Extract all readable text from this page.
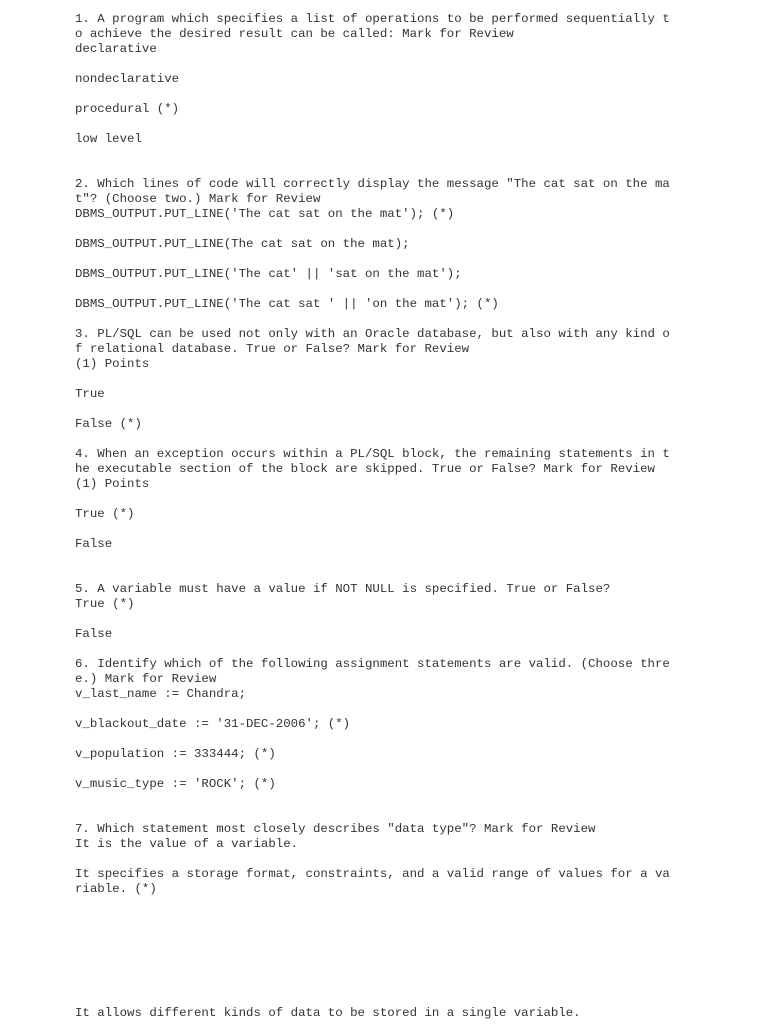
1. A program which specifies a list of operations to be performed sequentially t
o achieve the desired result can be called: Mark for Review
declarative
nondeclarative
procedural (*)
low level
2. Which lines of code will correctly display the message "The cat sat on the ma
t"? (Choose two.) Mark for Review
DBMS_OUTPUT.PUT_LINE('The cat sat on the mat'); (*)
DBMS_OUTPUT.PUT_LINE(The cat sat on the mat);
DBMS_OUTPUT.PUT_LINE('The cat' || 'sat on the mat');
DBMS_OUTPUT.PUT_LINE('The cat sat ' || 'on the mat'); (*)
3. PL/SQL can be used not only with an Oracle database, but also with any kind o
f relational database. True or False? Mark for Review
(1) Points
True
False (*)
4. When an exception occurs within a PL/SQL block, the remaining statements in t
he executable section of the block are skipped. True or False? Mark for Review
(1) Points
True (*)
False
5. A variable must have a value if NOT NULL is specified. True or False?
True (*)
False
6. Identify which of the following assignment statements are valid. (Choose thre
e.) Mark for Review
v_last_name := Chandra;
v_blackout_date := '31-DEC-2006'; (*)
v_population := 333444; (*)
v_music_type := 'ROCK'; (*)
7. Which statement most closely describes "data type"? Mark for Review
It is the value of a variable.
It specifies a storage format, constraints, and a valid range of values for a va
riable. (*)
It allows different kinds of data to be stored in a single variable.
